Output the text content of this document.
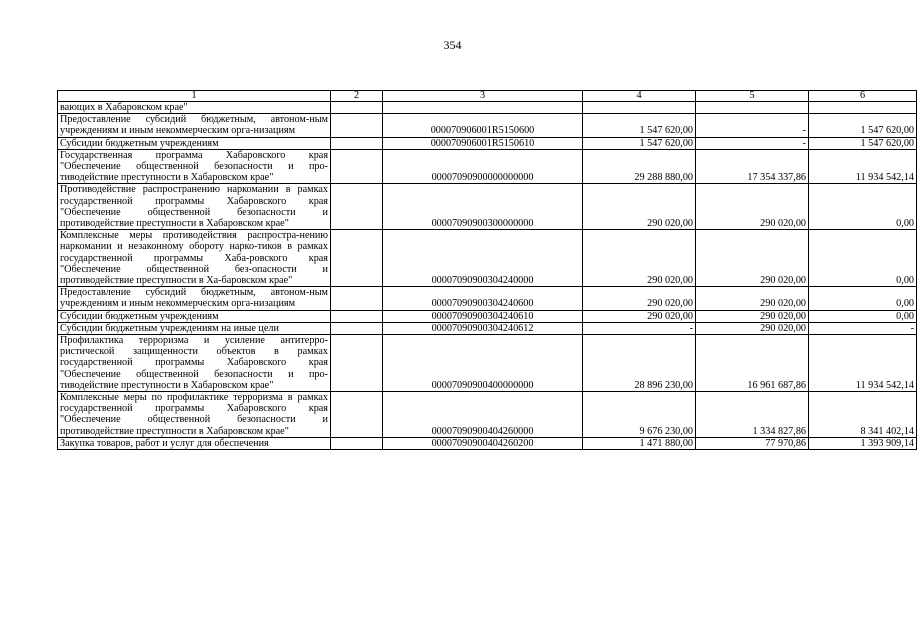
354
1	2	3	4	5	6
вающих в Хабаровском крае"					
Предоставление субсидий бюджетным, автоном-ным учреждениям и иным некоммерческим орга-низациям		000070906001R5150600	1 547 620,00	-	1 547 620,00
Субсидии бюджетным учреждениям		000070906001R5150610	1 547 620,00	-	1 547 620,00
Государственная программа Хабаровского края "Обеспечение общественной безопасности и про-тиводействие преступности в Хабаровском крае"		00007090900000000000	29 288 880,00	17 354 337,86	11 934 542,14
Противодействие распространению наркомании в рамках государственной программы Хабаровского края "Обеспечение общественной безопасности и противодействие преступности в Хабаровском крае"		00007090900300000000	290 020,00	290 020,00	0,00
Комплексные меры противодействия распростра-нению наркомании и незаконному обороту нарко-тиков в рамках государственной программы Хаба-ровского края "Обеспечение общественной без-опасности и противодействие преступности в Ха-баровском крае"		00007090900304240000	290 020,00	290 020,00	0,00
Предоставление субсидий бюджетным, автоном-ным учреждениям и иным некоммерческим орга-низациям		00007090900304240600	290 020,00	290 020,00	0,00
Субсидии бюджетным учреждениям		00007090900304240610	290 020,00	290 020,00	0,00
Субсидии бюджетным учреждениям на иные цели		00007090900304240612	-	290 020,00	-
Профилактика терроризма и усиление антитерро-ристической защищенности объектов в рамках государственной программы Хабаровского края "Обеспечение общественной безопасности и про-тиводействие преступности в Хабаровском крае"		00007090900400000000	28 896 230,00	16 961 687,86	11 934 542,14
Комплексные меры по профилактике терроризма в рамках государственной программы Хабаровского края "Обеспечение общественной безопасности и противодействие преступности в Хабаровском крае"		00007090900404260000	9 676 230,00	1 334 827,86	8 341 402,14
Закупка товаров, работ и услуг для обеспечения		00007090900404260200	1 471 880,00	77 970,86	1 393 909,14
